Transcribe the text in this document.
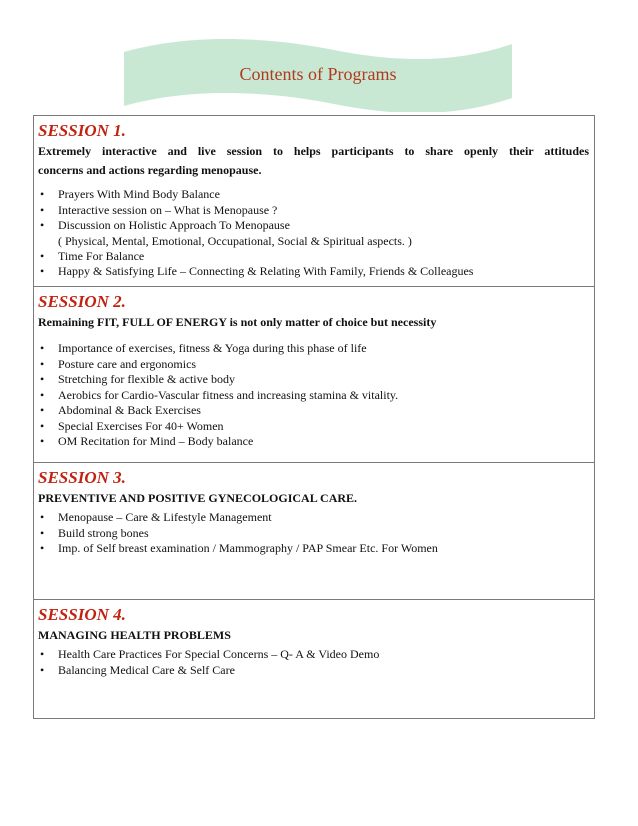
Contents of Programs

SESSION 1.

Extremely interactive and live session to helps participants to share openly their attitudes

concerns and actions regarding menopause.

• Prayers With Mind Body Balance
• Interactive session on – What is Menopause ?
• Discussion on Holistic Approach To Menopause
( Physical, Mental, Emotional, Occupational, Social & Spiritual aspects. )
• Time For Balance
• Happy & Satisfying Life – Connecting & Relating With Family, Friends & Colleagues

SESSION 2.

Remaining FIT, FULL OF ENERGY is not only matter of choice but necessity

• Importance of exercises, fitness & Yoga during this phase of life
• Posture care and ergonomics
• Stretching for flexible & active body
• Aerobics for Cardio-Vascular fitness and increasing stamina & vitality.
• Abdominal & Back Exercises
• Special Exercises For 40+ Women
• OM Recitation for Mind – Body balance

SESSION 3.

PREVENTIVE AND POSITIVE GYNECOLOGICAL CARE.

• Menopause – Care & Lifestyle Management
• Build strong bones
• Imp. of Self breast examination / Mammography / PAP Smear Etc. For Women

SESSION 4.

MANAGING HEALTH PROBLEMS

• Health Care Practices For Special Concerns – Q- A & Video Demo
• Balancing Medical Care & Self Care
